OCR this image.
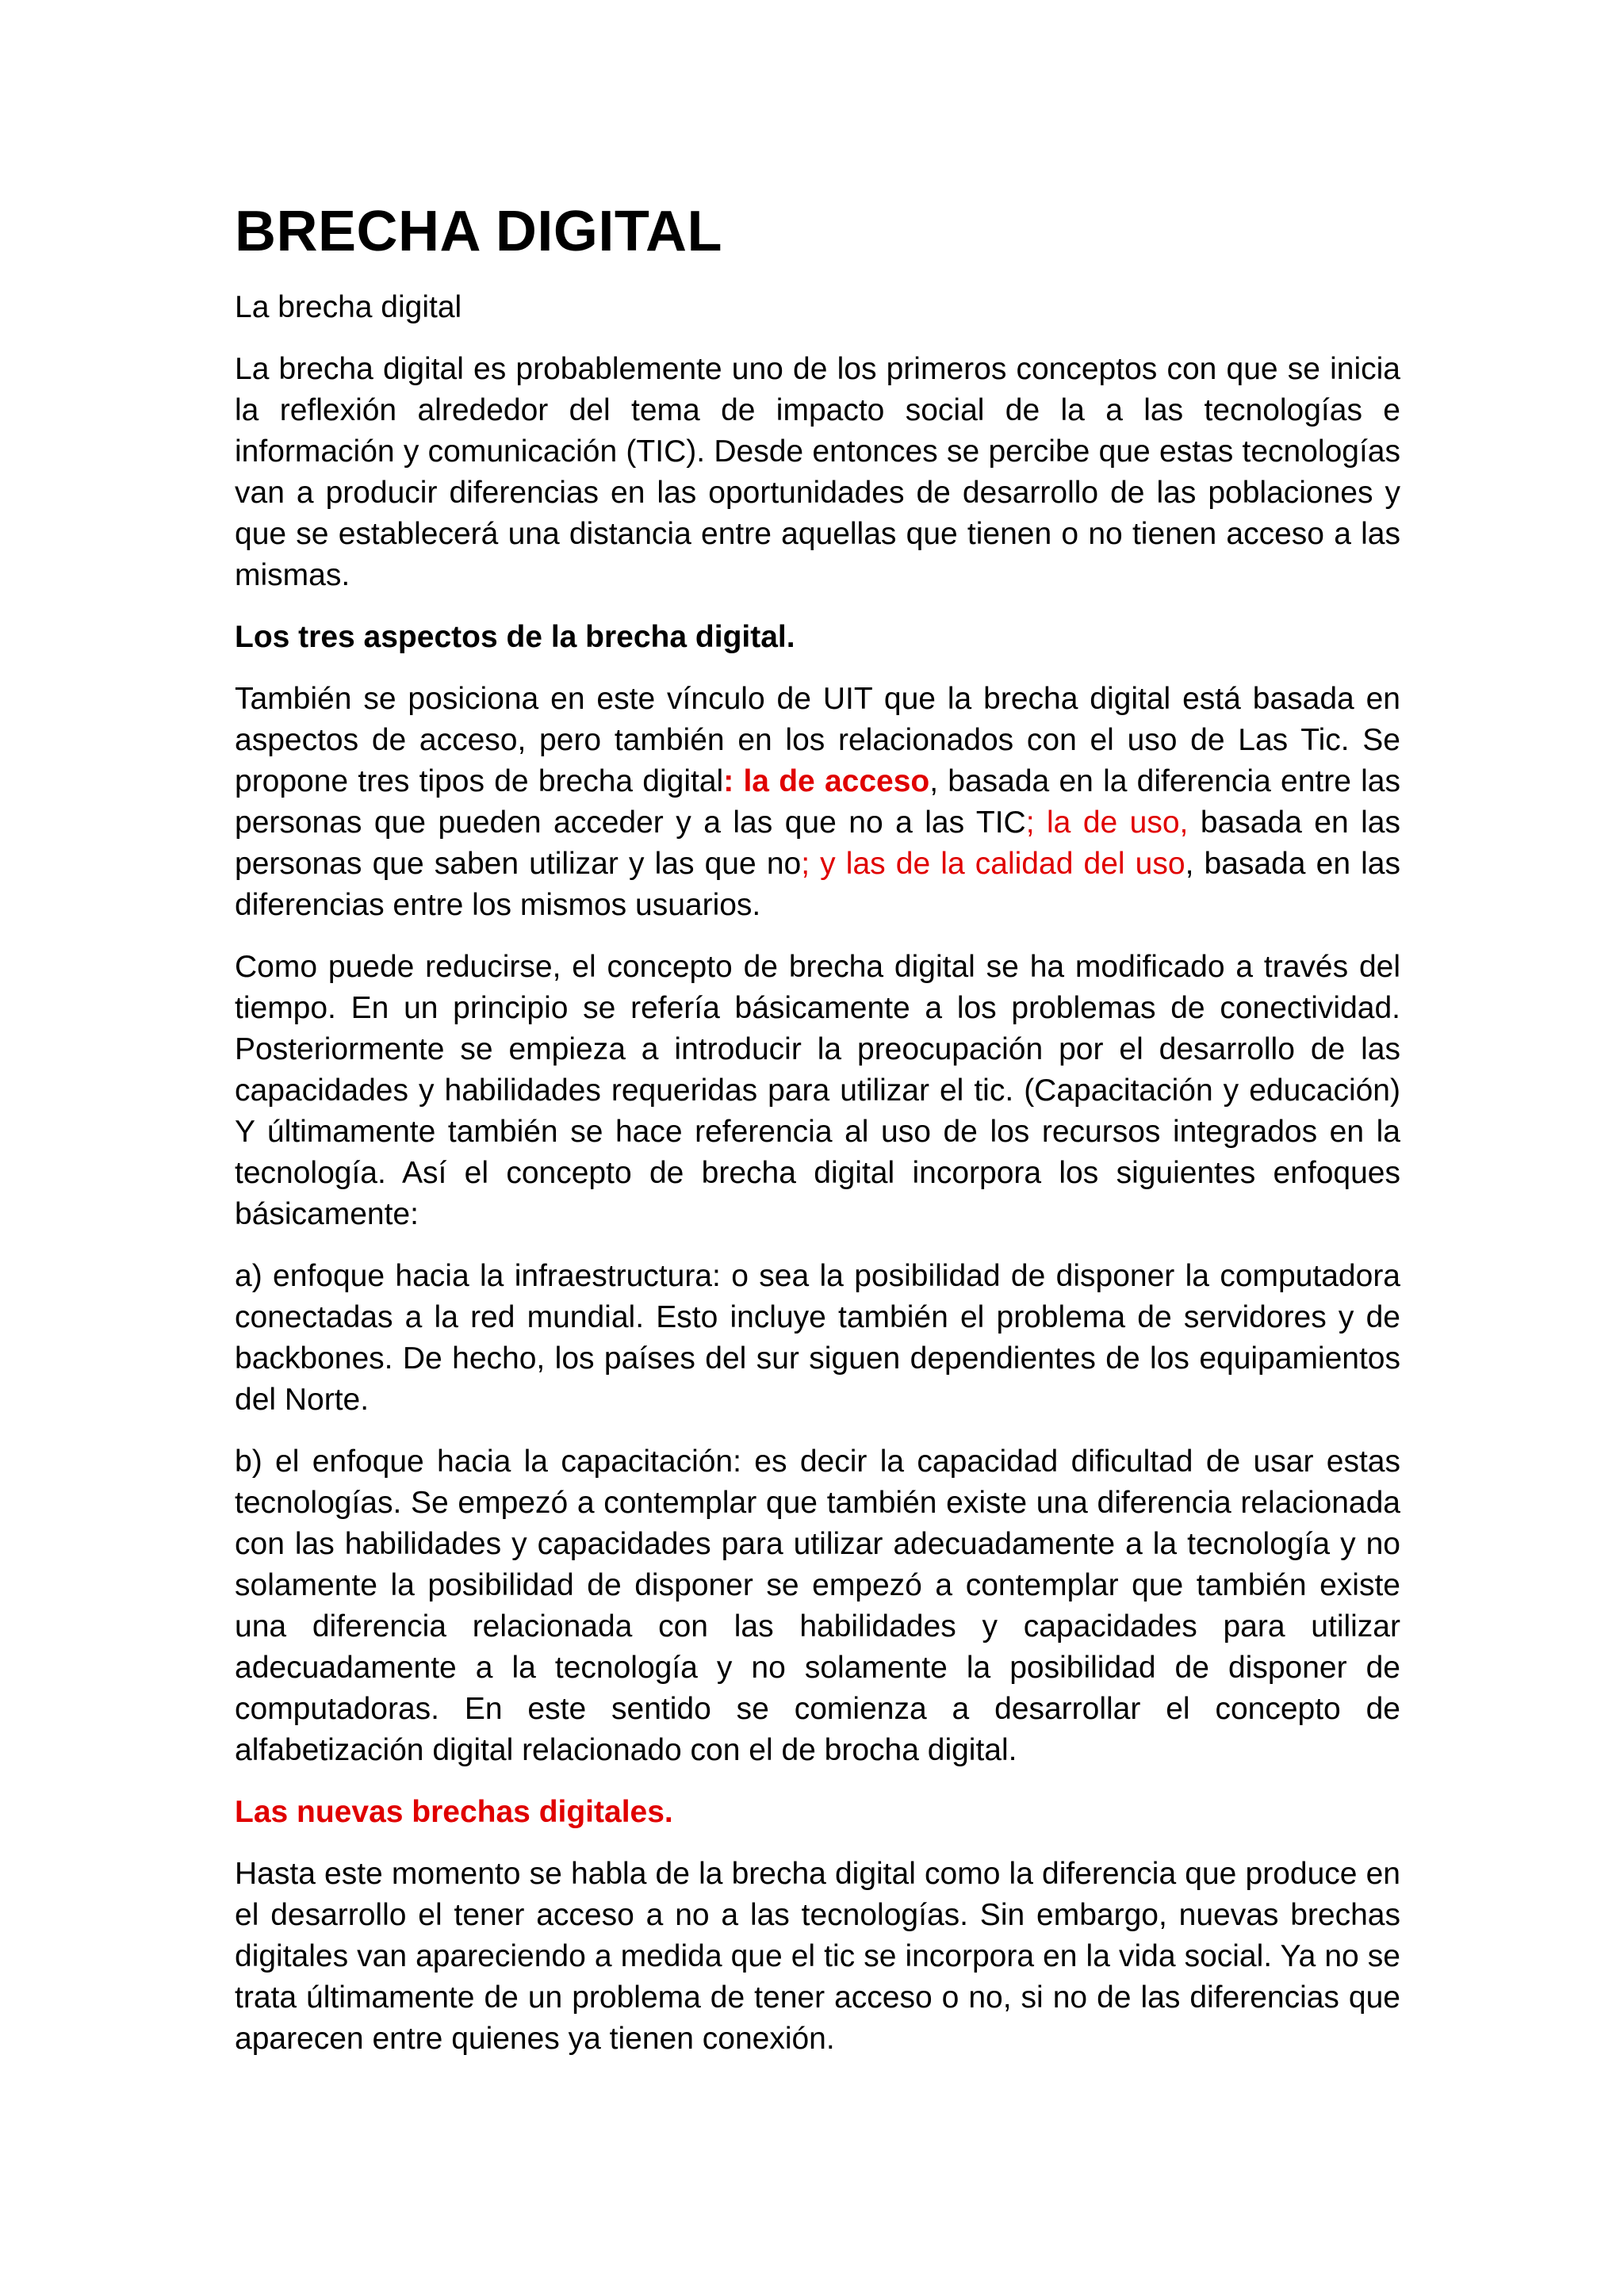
BRECHA DIGITAL
La brecha digital

La brecha digital es probablemente uno de los primeros conceptos con que se inicia la reflexión alrededor del tema de impacto social de la a las tecnologías e información y comunicación (TIC). Desde entonces se percibe que estas tecnologías van a producir diferencias en las oportunidades de desarrollo de las poblaciones y que se establecerá una distancia entre aquellas que tienen o no tienen acceso a las mismas.

Los tres aspectos de la brecha digital.

También se posiciona en este vínculo de UIT que la brecha digital está basada en aspectos de acceso, pero también en los relacionados con el uso de Las Tic. Se propone tres tipos de brecha digital: la de acceso, basada en la diferencia entre las personas que pueden acceder y a las que no a las TIC; la de uso, basada en las personas que saben utilizar y las que no; y las de la calidad del uso, basada en las diferencias entre los mismos usuarios.

Como puede reducirse, el concepto de brecha digital se ha modificado a través del tiempo. En un principio se refería básicamente a los problemas de conectividad. Posteriormente se empieza a introducir la preocupación por el desarrollo de las capacidades y habilidades requeridas para utilizar el tic. (Capacitación y educación) Y últimamente también se hace referencia al uso de los recursos integrados en la tecnología. Así el concepto de brecha digital incorpora los siguientes enfoques básicamente:

a) enfoque hacia la infraestructura: o sea la posibilidad de disponer la computadora conectadas a la red mundial. Esto incluye también el problema de servidores y de backbones. De hecho, los países del sur siguen dependientes de los equipamientos del Norte.

b) el enfoque hacia la capacitación: es decir la capacidad dificultad de usar estas tecnologías. Se empezó a contemplar que también existe una diferencia relacionada con las habilidades y capacidades para utilizar adecuadamente a la tecnología y no solamente la posibilidad de disponer se empezó a contemplar que también existe una diferencia relacionada con las habilidades y capacidades para utilizar adecuadamente a la tecnología y no solamente la posibilidad de disponer de computadoras. En este sentido se comienza a desarrollar el concepto de alfabetización digital relacionado con el de brocha digital.

Las nuevas brechas digitales.

Hasta este momento se habla de la brecha digital como la diferencia que produce en el desarrollo el tener acceso a no a las tecnologías. Sin embargo, nuevas brechas digitales van apareciendo a medida que el tic se incorpora en la vida social. Ya no se trata últimamente de un problema de tener acceso o no, si no de las diferencias que aparecen entre quienes ya tienen conexión.
